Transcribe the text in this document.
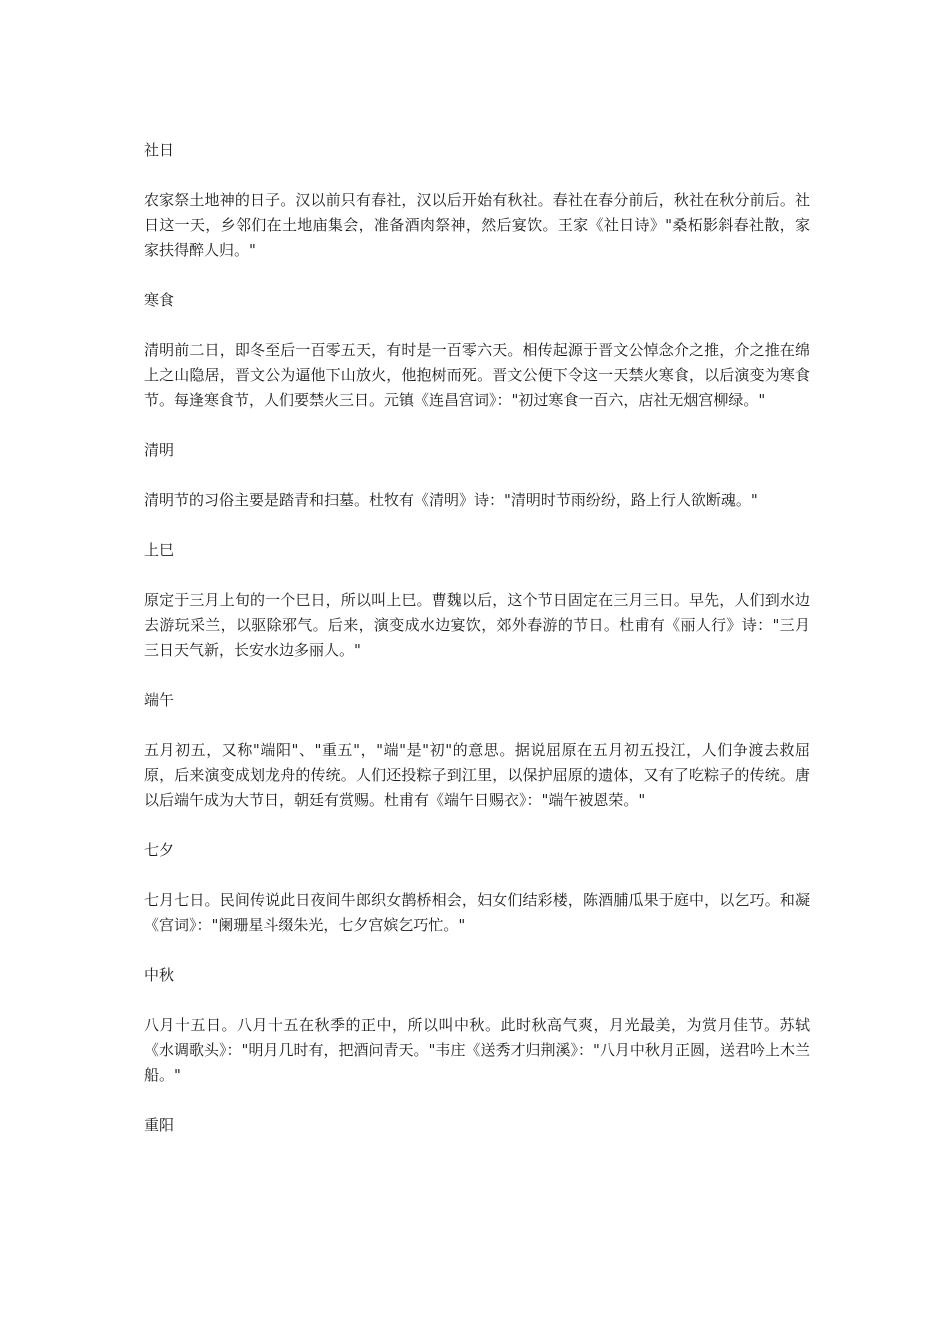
社日
农家祭土地神的日子。汉以前只有春社，汉以后开始有秋社。春社在春分前后，秋社在秋分前后。社日这一天，乡邻们在土地庙集会，准备酒肉祭神，然后宴饮。王家《社日诗》"桑柘影斜春社散，家家扶得醉人归。"
寒食
清明前二日，即冬至后一百零五天，有时是一百零六天。相传起源于晋文公悼念介之推，介之推在绵上之山隐居，晋文公为逼他下山放火，他抱树而死。晋文公便下令这一天禁火寒食，以后演变为寒食节。每逢寒食节，人们要禁火三日。元镇《连昌宫词》："初过寒食一百六，店社无烟宫柳绿。"
清明
清明节的习俗主要是踏青和扫墓。杜牧有《清明》诗："清明时节雨纷纷，路上行人欲断魂。"
上巳
原定于三月上旬的一个巳日，所以叫上巳。曹魏以后，这个节日固定在三月三日。早先，人们到水边去游玩采兰，以驱除邪气。后来，演变成水边宴饮，郊外春游的节日。杜甫有《丽人行》诗："三月三日天气新，长安水边多丽人。"
端午
五月初五，又称"端阳"、"重五"，"端"是"初"的意思。据说屈原在五月初五投江，人们争渡去救屈原，后来演变成划龙舟的传统。人们还投粽子到江里，以保护屈原的遗体，又有了吃粽子的传统。唐以后端午成为大节日，朝廷有赏赐。杜甫有《端午日赐衣》："端午被恩荣。"
七夕
七月七日。民间传说此日夜间牛郎织女鹊桥相会，妇女们结彩楼，陈酒脯瓜果于庭中，以乞巧。和凝《宫词》："阑珊星斗缀朱光，七夕宫嫔乞巧忙。"
中秋
八月十五日。八月十五在秋季的正中，所以叫中秋。此时秋高气爽，月光最美，为赏月佳节。苏轼《水调歌头》："明月几时有，把酒问青天。"韦庄《送秀才归荆溪》："八月中秋月正圆，送君吟上木兰船。"
重阳
